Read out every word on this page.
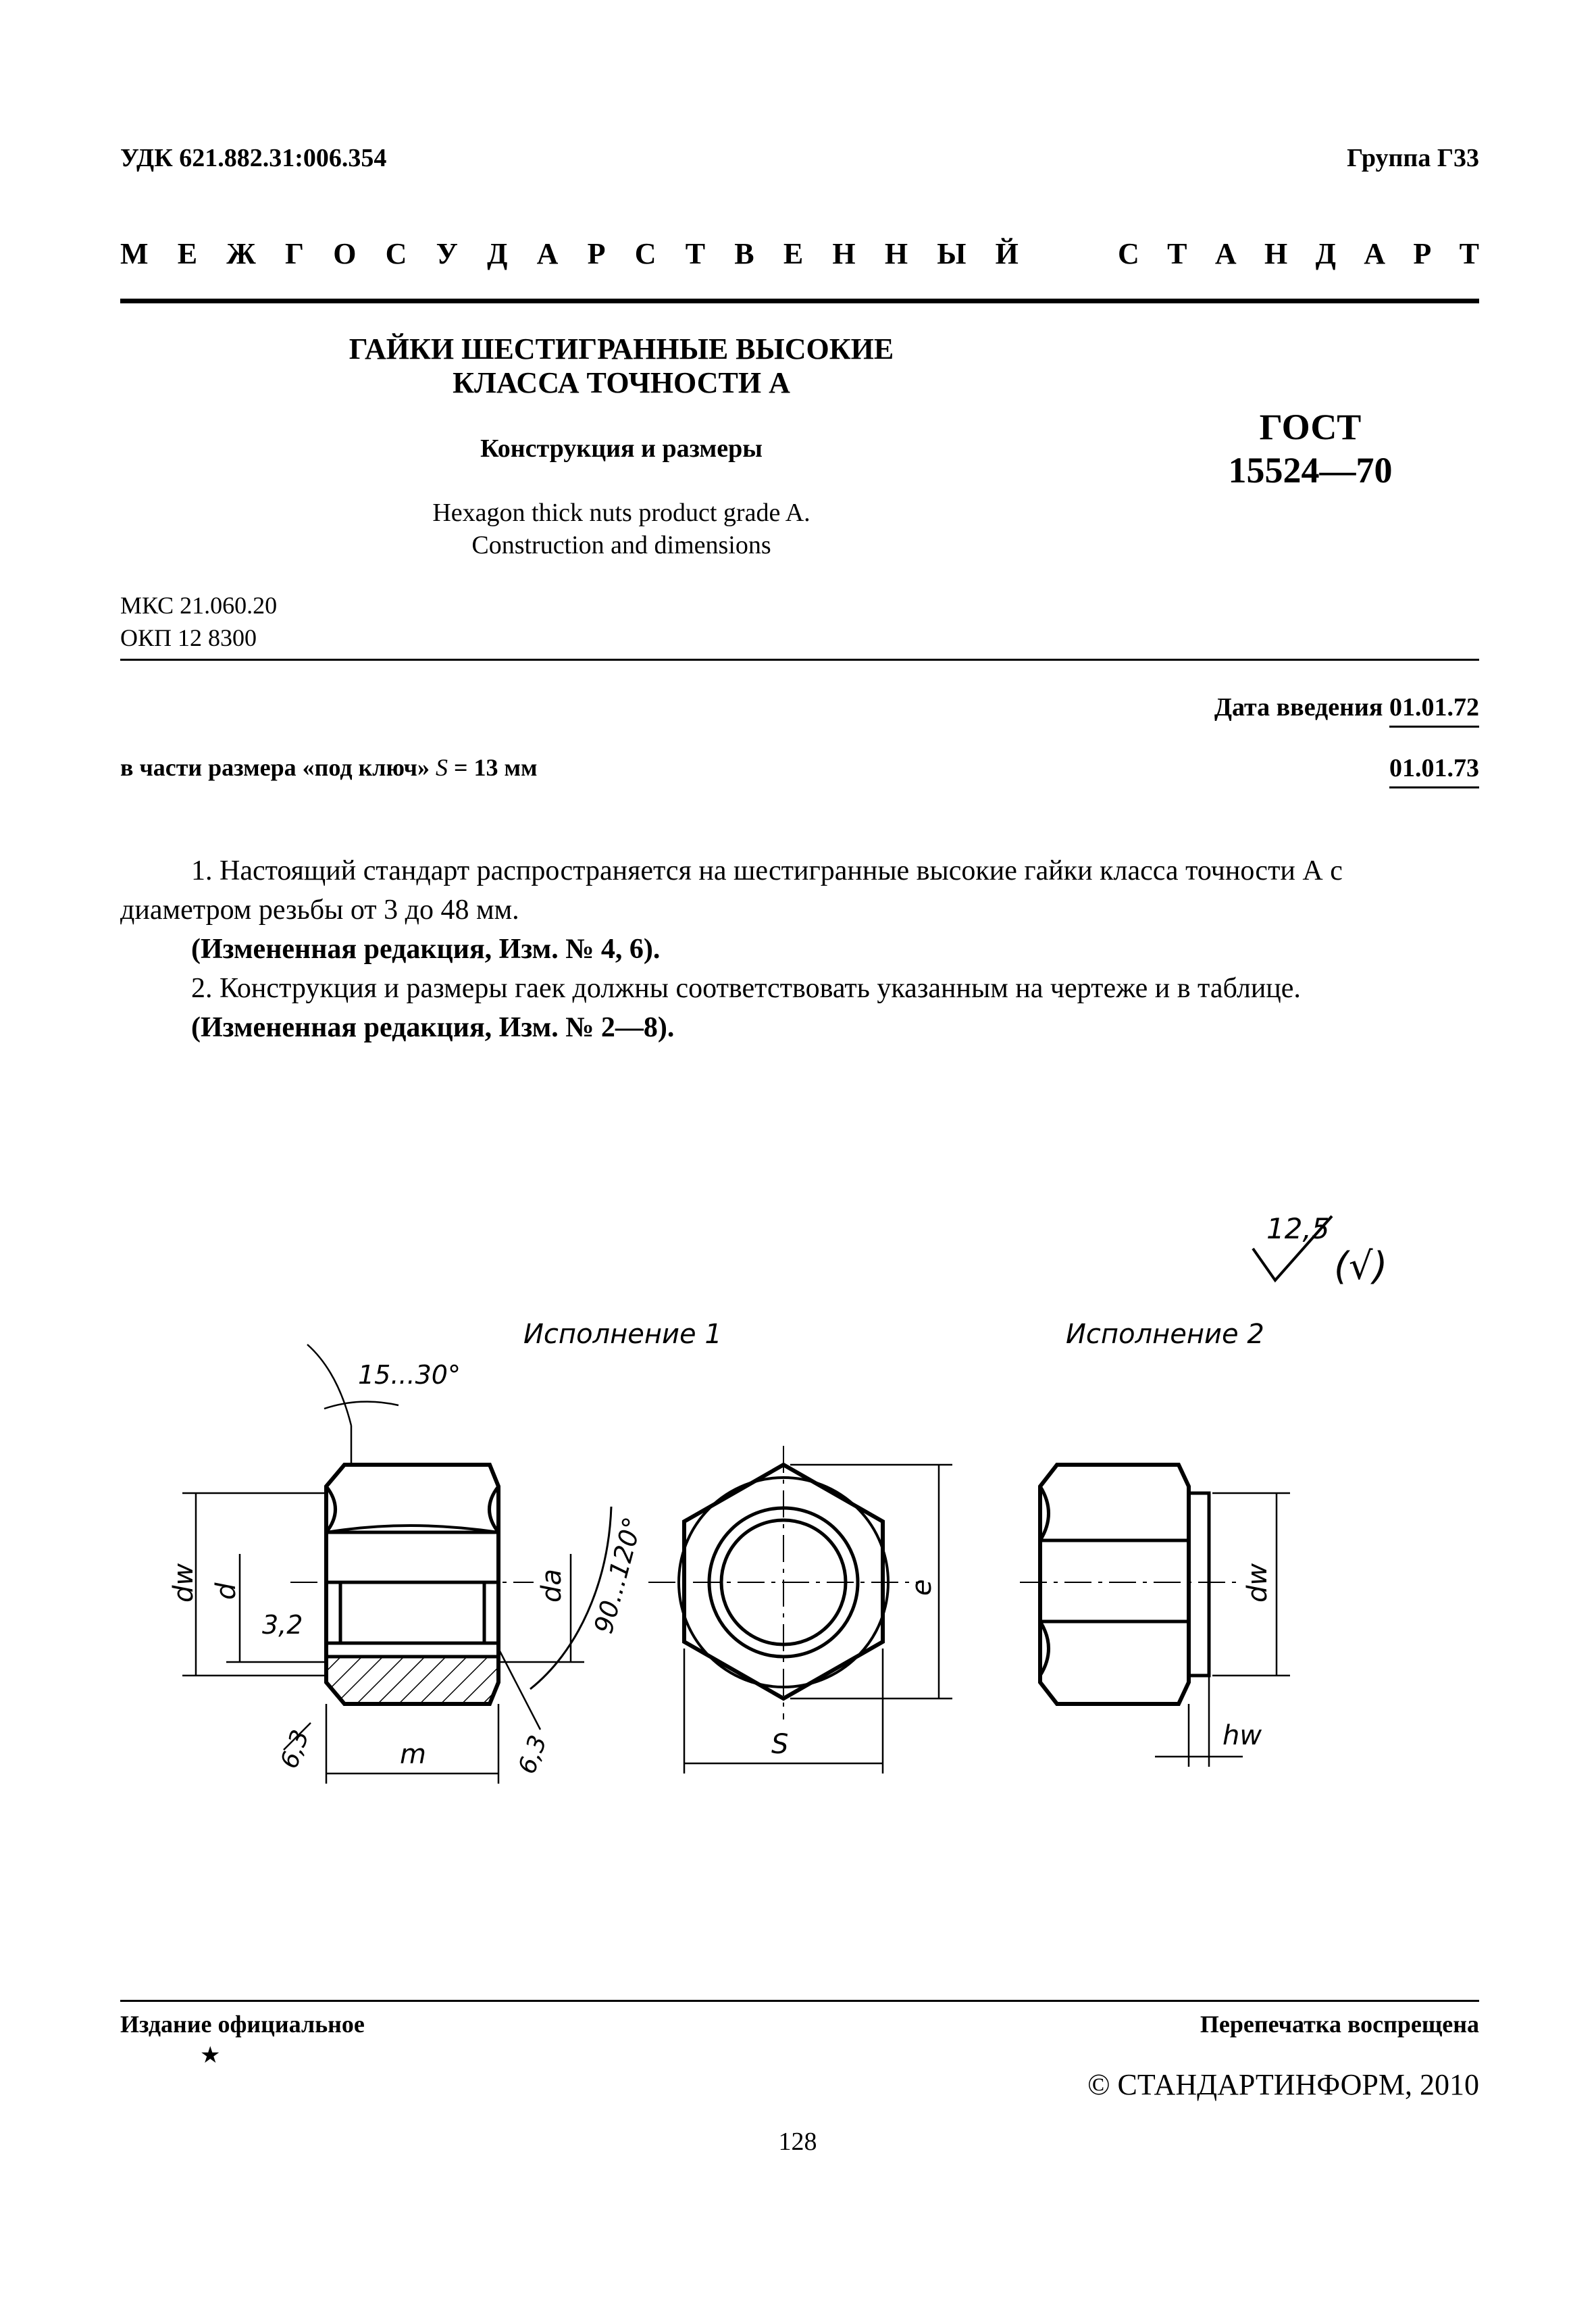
УДК 621.882.31:006.354	Группа Г33
М Е Ж Г О С У Д А Р С Т В Е Н Н Ы Й	С Т А Н Д А Р Т
ГАЙКИ ШЕСТИГРАННЫЕ ВЫСОКИЕ
КЛАССА ТОЧНОСТИ А
Конструкция и размеры
Hexagon thick nuts product grade A.
Construction and dimensions
ГОСТ
15524—70
МКС 21.060.20
ОКП 12 8300
Дата введения 01.01.72
в части размера «под ключ» S = 13 мм	01.01.73
1. Настоящий стандарт распространяется на шестигранные высокие гайки класса точности А с диаметром резьбы от 3 до 48 мм.
(Измененная редакция, Изм. № 4, 6).
2. Конструкция и размеры гаек должны соответствовать указанным на чертеже и в таблице.
(Измененная редакция, Изм. № 2—8).
12,5
(√)
Исполнение 1	Исполнение 2
15...30°
dw d
3,2
da 90...120°
m
6,3	6,3
e
S
dw
hw
Издание официальное	Перепечатка воспрещена
★
© СТАНДАРТИНФОРМ, 2010
128
